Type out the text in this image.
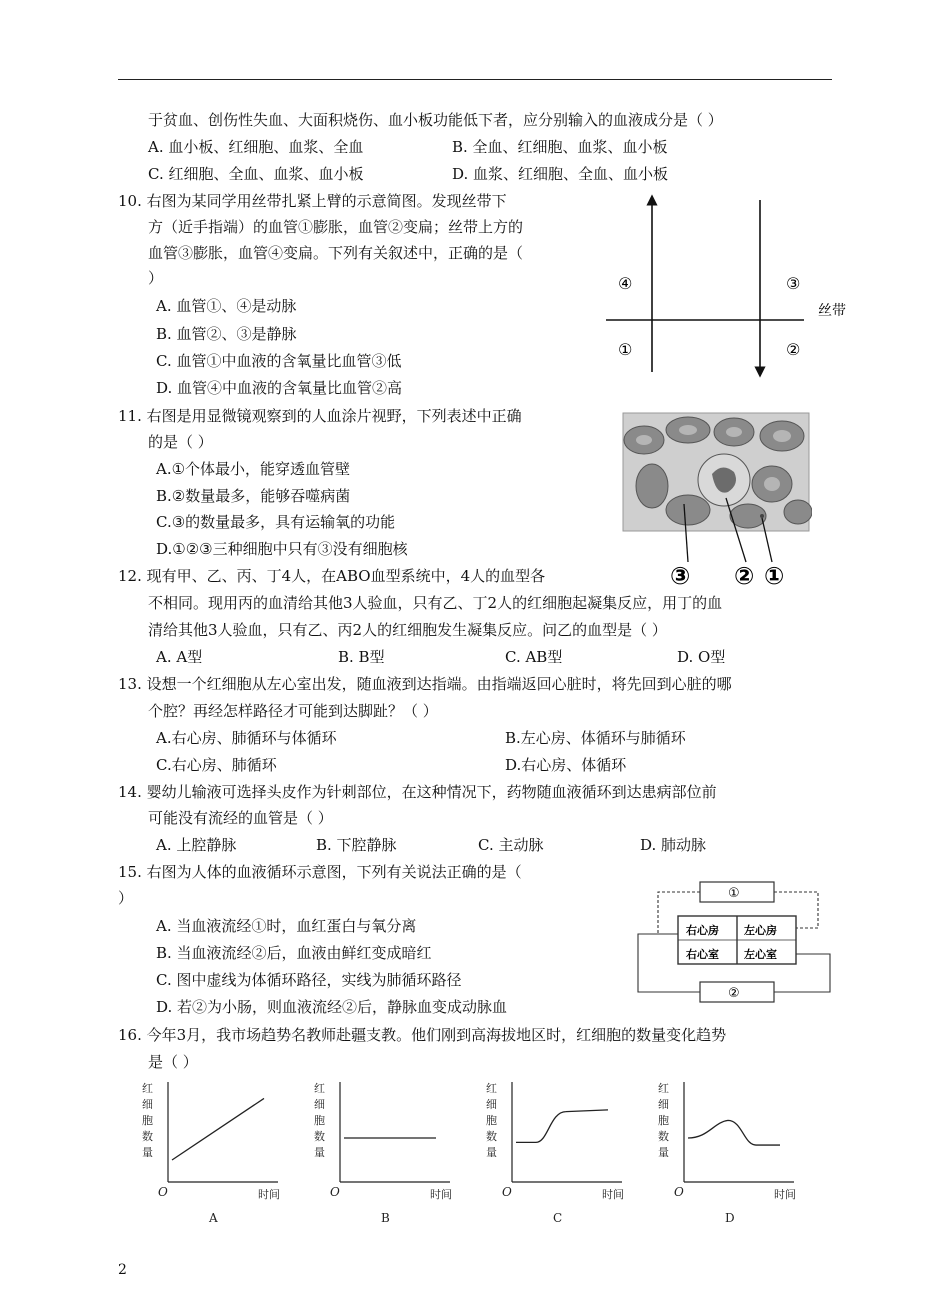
于贫血、创伤性失血、大面积烧伤、血小板功能低下者，应分别输入的血液成分是（ ）
A. 血小板、红细胞、血浆、全血	B. 全血、红细胞、血浆、血小板
C. 红细胞、全血、血浆、血小板	D. 血浆、红细胞、全血、血小板
10. 右图为某同学用丝带扎紧上臂的示意简图。发现丝带下
方（近手指端）的血管①膨胀，血管②变扁；丝带上方的
血管③膨胀，血管④变扁。下列有关叙述中，正确的是（
）
A. 血管①、④是动脉
B. 血管②、③是静脉
C. 血管①中血液的含氧量比血管③低
D. 血管④中血液的含氧量比血管②高
11. 右图是用显微镜观察到的人血涂片视野，下列表述中正确
的是（ ）
A.①个体最小，能穿透血管壁
B.②数量最多，能够吞噬病菌
C.③的数量最多，具有运输氧的功能
D.①②③三种细胞中只有③没有细胞核
12. 现有甲、乙、丙、丁4人，在ABO血型系统中，4人的血型各
不相同。现用丙的血清给其他3人验血，只有乙、丁2人的红细胞起凝集反应，用丁的血
清给其他3人验血，只有乙、丙2人的红细胞发生凝集反应。问乙的血型是（ ）
A. A型	B. B型	C. AB型	D. O型
13. 设想一个红细胞从左心室出发，随血液到达指端。由指端返回心脏时，将先回到心脏的哪
个腔？再经怎样路径才可能到达脚趾？（ ）
A.右心房、肺循环与体循环	B.左心房、体循环与肺循环
C.右心房、肺循环	D.右心房、体循环
14. 婴幼儿输液可选择头皮作为针刺部位，在这种情况下，药物随血液循环到达患病部位前
可能没有流经的血管是（ ）
A. 上腔静脉	B. 下腔静脉	C. 主动脉	D. 肺动脉
15. 右图为人体的血液循环示意图，下列有关说法正确的是（
）
A. 当血液流经①时，血红蛋白与氧分离
B. 当血液流经②后，血液由鲜红变成暗红
C. 图中虚线为体循环路径，实线为肺循环路径
D. 若②为小肠，则血液流经②后，静脉血变成动脉血
16. 今年3月，我市场趋势名教师赴疆支教。他们刚到高海拔地区时，红细胞的数量变化趋势
是（ ）
④	③
①	②
丝带
③ ② ①
①
②
右心房 左心房
右心室 左心室
红
细
胞
数
量
O	时间
A
红
细
胞
数
量
O	时间
B
红
细
胞
数
量
O	时间
C
红
细
胞
数
量
O	时间
D
2
